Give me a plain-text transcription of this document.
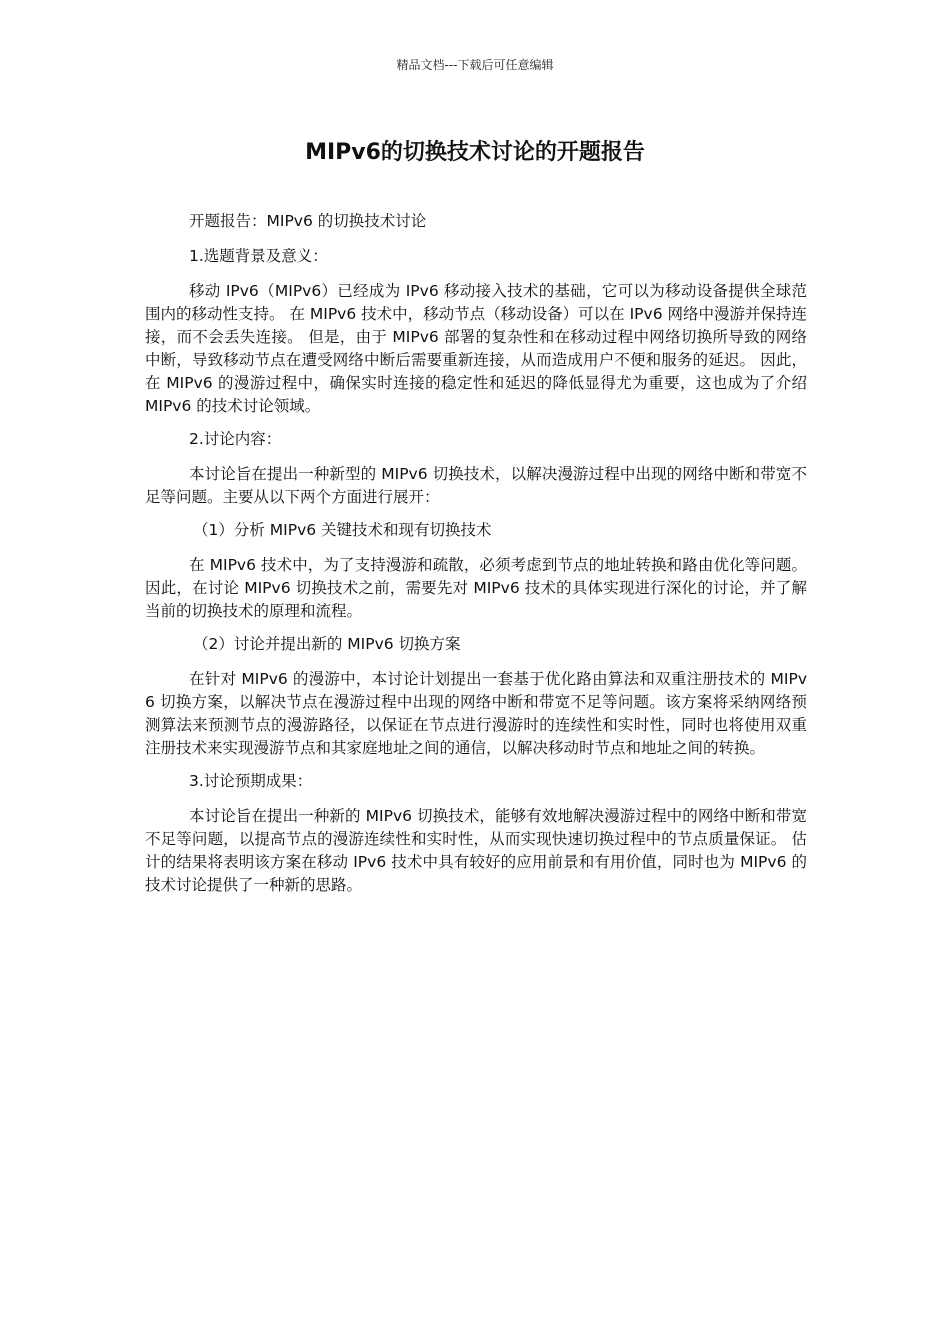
精品文档---下载后可任意编辑
MIPv6的切换技术讨论的开题报告

开题报告：MIPv6 的切换技术讨论

1.选题背景及意义：

移动 IPv6（MIPv6）已经成为 IPv6 移动接入技术的基础，它可以为移动设备提供全球范围内的移动性支持。 在 MIPv6 技术中，移动节点（移动设备）可以在 IPv6 网络中漫游并保持连接，而不会丢失连接。 但是，由于 MIPv6 部署的复杂性和在移动过程中网络切换所导致的网络中断，导致移动节点在遭受网络中断后需要重新连接，从而造成用户不便和服务的延迟。 因此，在 MIPv6 的漫游过程中，确保实时连接的稳定性和延迟的降低显得尤为重要，这也成为了介绍 MIPv6 的技术讨论领域。

2.讨论内容：

本讨论旨在提出一种新型的 MIPv6 切换技术，以解决漫游过程中出现的网络中断和带宽不足等问题。主要从以下两个方面进行展开：

（1）分析 MIPv6 关键技术和现有切换技术

在 MIPv6 技术中，为了支持漫游和疏散，必须考虑到节点的地址转换和路由优化等问题。 因此，在讨论 MIPv6 切换技术之前，需要先对 MIPv6 技术的具体实现进行深化的讨论，并了解当前的切换技术的原理和流程。

（2）讨论并提出新的 MIPv6 切换方案

在针对 MIPv6 的漫游中，本讨论计划提出一套基于优化路由算法和双重注册技术的 MIPv6 切换方案，以解决节点在漫游过程中出现的网络中断和带宽不足等问题。该方案将采纳网络预测算法来预测节点的漫游路径，以保证在节点进行漫游时的连续性和实时性，同时也将使用双重注册技术来实现漫游节点和其家庭地址之间的通信，以解决移动时节点和地址之间的转换。

3.讨论预期成果：

本讨论旨在提出一种新的 MIPv6 切换技术，能够有效地解决漫游过程中的网络中断和带宽不足等问题，以提高节点的漫游连续性和实时性，从而实现快速切换过程中的节点质量保证。 估计的结果将表明该方案在移动 IPv6 技术中具有较好的应用前景和有用价值，同时也为 MIPv6 的技术讨论提供了一种新的思路。
